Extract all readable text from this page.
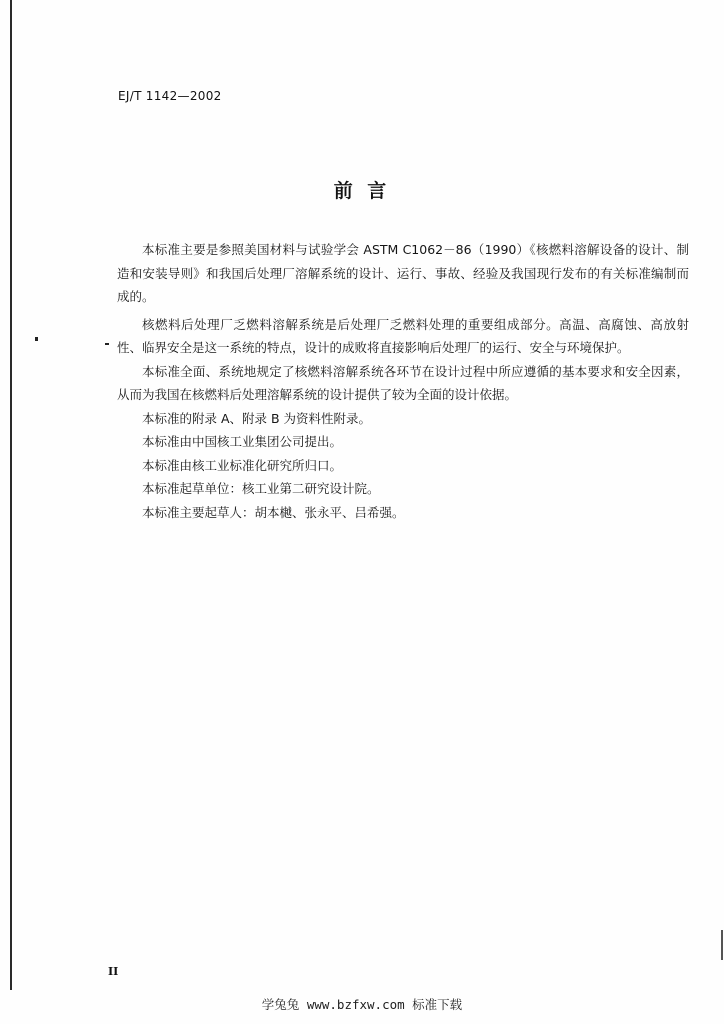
EJ/T 1142—2002
前 言

本标准主要是参照美国材料与试验学会 ASTM C1062－86（1990）《核燃料溶解设备的设计、制造和安装导则》和我国后处理厂溶解系统的设计、运行、事故、经验及我国现行发布的有关标准编制而成的。

核燃料后处理厂乏燃料溶解系统是后处理厂乏燃料处理的重要组成部分。高温、高腐蚀、高放射性、临界安全是这一系统的特点，设计的成败将直接影响后处理厂的运行、安全与环境保护。

本标准全面、系统地规定了核燃料溶解系统各环节在设计过程中所应遵循的基本要求和安全因素，从而为我国在核燃料后处理溶解系统的设计提供了较为全面的设计依据。

本标准的附录 A、附录 B 为资料性附录。

本标准由中国核工业集团公司提出。

本标准由核工业标准化研究所归口。

本标准起草单位：核工业第二研究设计院。

本标准主要起草人：胡本樾、张永平、吕希强。

II
学兔兔 www.bzfxw.com 标准下载
